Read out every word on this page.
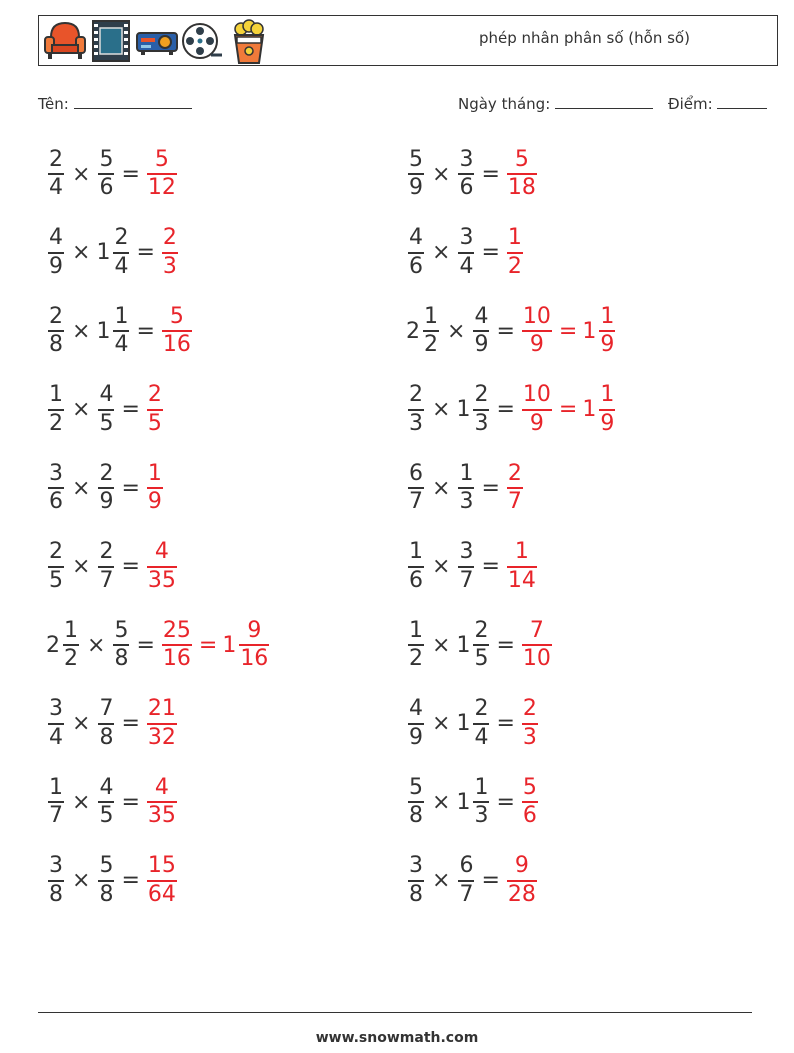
phép nhân phân số (hỗn số)
Tên:	Ngày tháng:	Điểm:
$\frac{2}{4} \times \frac{5}{6} = \frac{5}{12}$	$\frac{5}{9} \times \frac{3}{6} = \frac{5}{18}$
$\frac{4}{9} \times 1 \frac{2}{4} = \frac{2}{3}$	$\frac{4}{6} \times \frac{3}{4} = \frac{1}{2}$
$\frac{2}{8} \times 1 \frac{1}{4} = \frac{5}{16}$	$2 \frac{1}{2} \times \frac{4}{9} = \frac{10}{9} = 1 \frac{1}{9}$
$\frac{1}{2} \times \frac{4}{5} = \frac{2}{5}$	$\frac{2}{3} \times 1 \frac{2}{3} = \frac{10}{9} = 1 \frac{1}{9}$
$\frac{3}{6} \times \frac{2}{9} = \frac{1}{9}$	$\frac{6}{7} \times \frac{1}{3} = \frac{2}{7}$
$\frac{2}{5} \times \frac{2}{7} = \frac{4}{35}$	$\frac{1}{6} \times \frac{3}{7} = \frac{1}{14}$
$2 \frac{1}{2} \times \frac{5}{8} = \frac{25}{16} = 1 \frac{9}{16}$	$\frac{1}{2} \times 1 \frac{2}{5} = \frac{7}{10}$
$\frac{3}{4} \times \frac{7}{8} = \frac{21}{32}$	$\frac{4}{9} \times 1 \frac{2}{4} = \frac{2}{3}$
$\frac{1}{7} \times \frac{4}{5} = \frac{4}{35}$	$\frac{5}{8} \times 1 \frac{1}{3} = \frac{5}{6}$
$\frac{3}{8} \times \frac{5}{8} = \frac{15}{64}$	$\frac{3}{8} \times \frac{6}{7} = \frac{9}{28}$
www.snowmath.com
